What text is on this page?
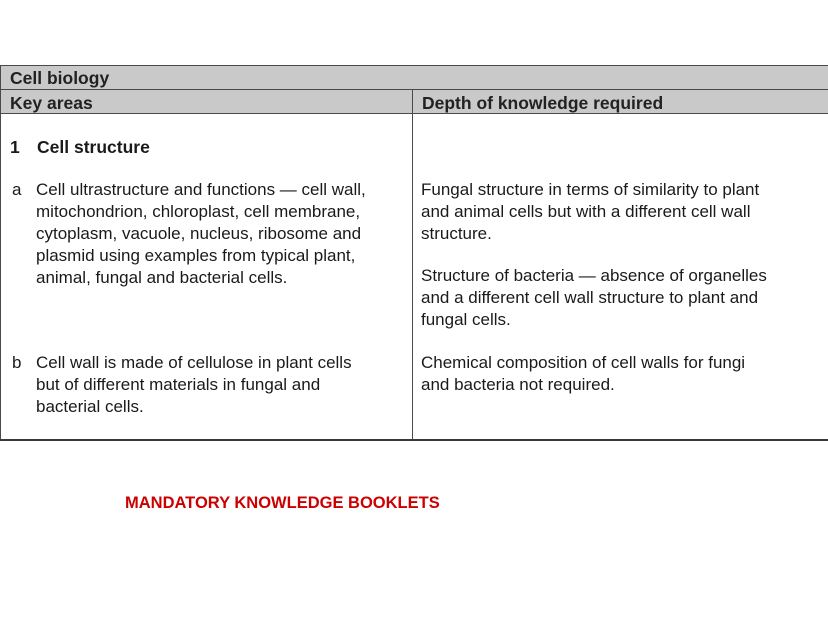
Cell biology
Key areas	Depth of knowledge required
1 Cell structure
a Cell ultrastructure and functions — cell wall,
mitochondrion, chloroplast, cell membrane,
cytoplasm, vacuole, nucleus, ribosome and
plasmid using examples from typical plant,
animal, fungal and bacterial cells.
Fungal structure in terms of similarity to plant
and animal cells but with a different cell wall
structure.
Structure of bacteria — absence of organelles
and a different cell wall structure to plant and
fungal cells.
b Cell wall is made of cellulose in plant cells
but of different materials in fungal and
bacterial cells.
Chemical composition of cell walls for fungi
and bacteria not required.
MANDATORY KNOWLEDGE BOOKLETS
